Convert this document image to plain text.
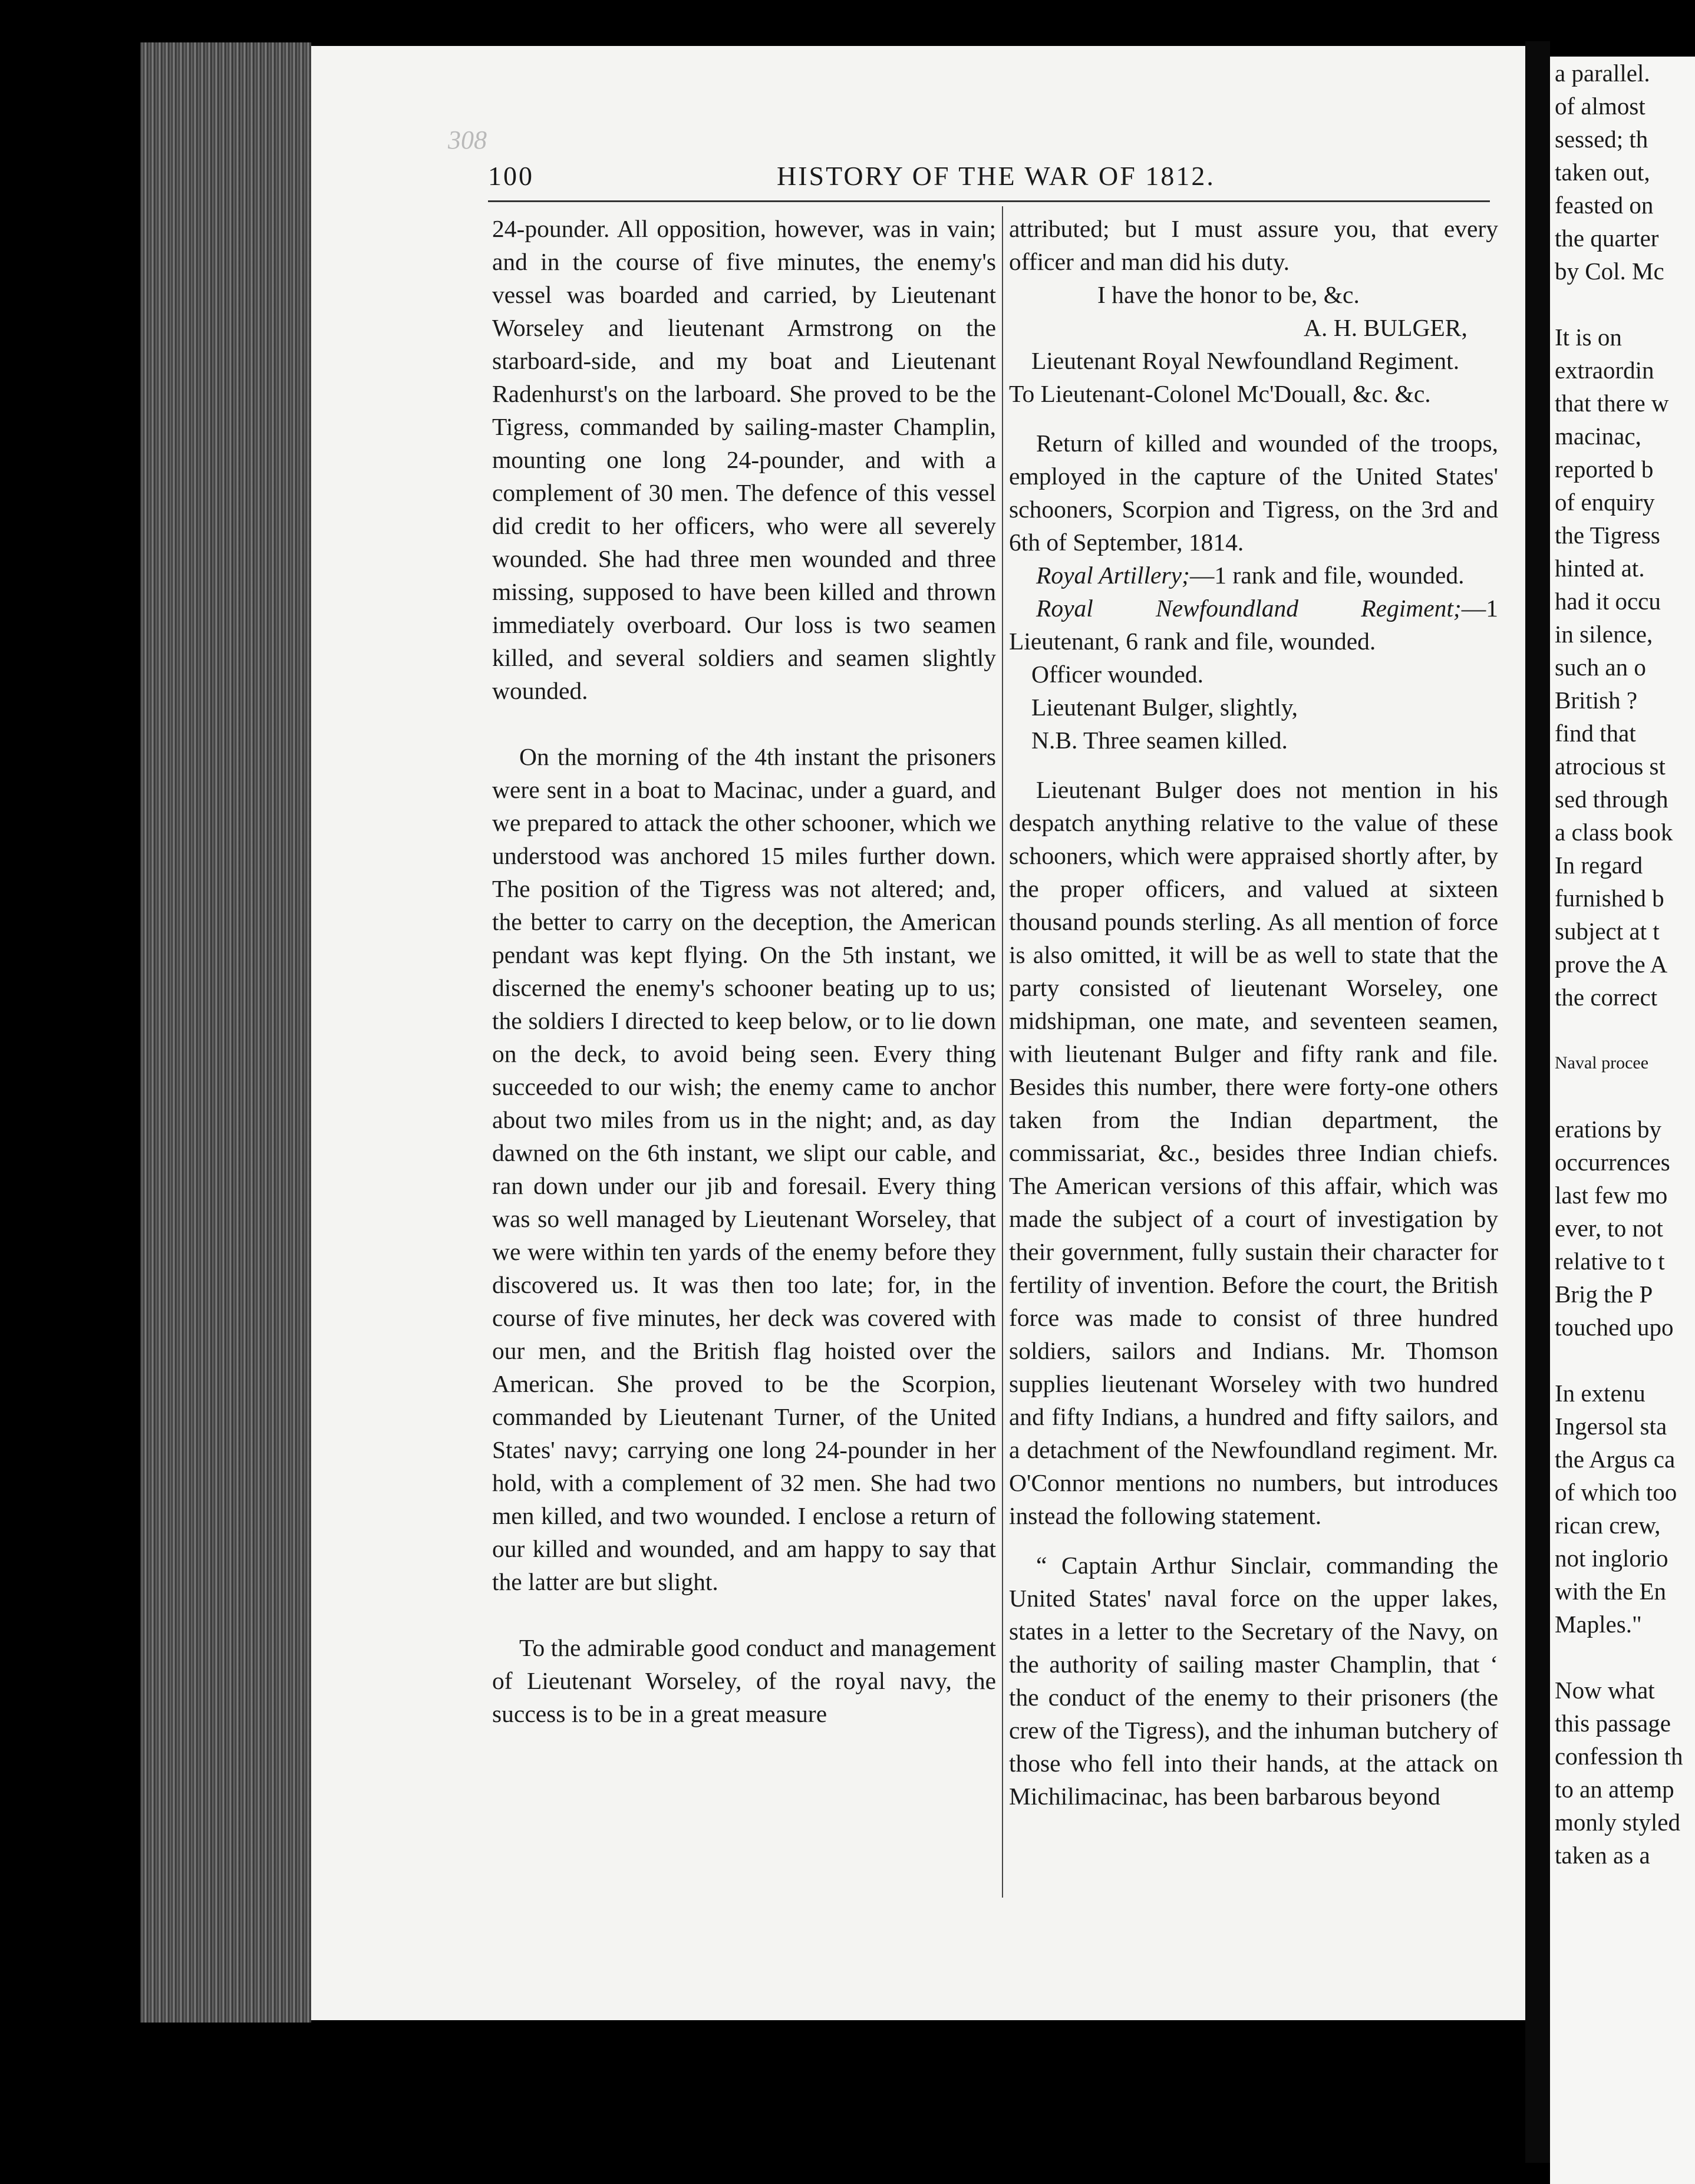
a parallel.

of almost

sessed; th

taken out,

feasted on

the quarter

by Col. Mc

It is on

extraordin

that there w

macinac,

reported b

of enquiry

the Tigress

hinted at.

had it occu

in silence,

such an o

British ?

find that

atrocious st

sed through

a class book

In regard

furnished b

subject at t

prove the A

the correct

Naval procee

erations by

occurrences

last few mo

ever, to not

relative to t

Brig the P

touched upo

In extenu

Ingersol sta

the Argus ca

of which too

rican crew,

not inglorio

with the En

Maples."

Now what

this passage

confession th

to an attemp

monly styled

taken as a

308
100	HISTORY OF THE WAR OF 1812.

24-pounder. All opposition, however, was in vain; and in the course of five minutes, the enemy's vessel was boarded and carried, by Lieutenant Worseley and lieutenant Armstrong on the starboard-side, and my boat and Lieutenant Radenhurst's on the larboard. She proved to be the Tigress, commanded by sailing-master Champlin, mounting one long 24-pounder, and with a complement of 30 men. The defence of this vessel did credit to her officers, who were all severely wounded. She had three men wounded and three missing, supposed to have been killed and thrown immediately overboard. Our loss is two seamen killed, and several soldiers and seamen slightly wounded.

On the morning of the 4th instant the prisoners were sent in a boat to Macinac, under a guard, and we prepared to attack the other schooner, which we understood was anchored 15 miles further down. The position of the Tigress was not altered; and, the better to carry on the deception, the American pendant was kept flying. On the 5th instant, we discerned the enemy's schooner beating up to us; the soldiers I directed to keep below, or to lie down on the deck, to avoid being seen. Every thing succeeded to our wish; the enemy came to anchor about two miles from us in the night; and, as day dawned on the 6th instant, we slipt our cable, and ran down under our jib and foresail. Every thing was so well managed by Lieutenant Worseley, that we were within ten yards of the enemy before they discovered us. It was then too late; for, in the course of five minutes, her deck was covered with our men, and the British flag hoisted over the American. She proved to be the Scorpion, commanded by Lieutenant Turner, of the United States' navy; carrying one long 24-pounder in her hold, with a complement of 32 men. She had two men killed, and two wounded. I enclose a return of our killed and wounded, and am happy to say that the latter are but slight.

To the admirable good conduct and management of Lieutenant Worseley, of the royal navy, the success is to be in a great measure

attributed; but I must assure you, that every officer and man did his duty.

I have the honor to be, &c.

A. H. BULGER,

Lieutenant Royal Newfoundland Regiment.

To Lieutenant-Colonel Mc'Douall, &c. &c.

Return of killed and wounded of the troops, employed in the capture of the United States' schooners, Scorpion and Tigress, on the 3rd and 6th of September, 1814.

Royal Artillery;—1 rank and file, wounded.

Royal Newfoundland Regiment;—1 Lieutenant, 6 rank and file, wounded.

Officer wounded.

Lieutenant Bulger, slightly,

N.B. Three seamen killed.

Lieutenant Bulger does not mention in his despatch anything relative to the value of these schooners, which were appraised shortly after, by the proper officers, and valued at sixteen thousand pounds sterling. As all mention of force is also omitted, it will be as well to state that the party consisted of lieutenant Worseley, one midshipman, one mate, and seventeen seamen, with lieutenant Bulger and fifty rank and file. Besides this number, there were forty-one others taken from the Indian department, the commissariat, &c., besides three Indian chiefs. The American versions of this affair, which was made the subject of a court of investigation by their government, fully sustain their character for fertility of invention. Before the court, the British force was made to consist of three hundred soldiers, sailors and Indians. Mr. Thomson supplies lieutenant Worseley with two hundred and fifty Indians, a hundred and fifty sailors, and a detachment of the Newfoundland regiment. Mr. O'Connor mentions no numbers, but introduces instead the following statement.

“ Captain Arthur Sinclair, commanding the United States' naval force on the upper lakes, states in a letter to the Secretary of the Navy, on the authority of sailing master Champlin, that ‘ the conduct of the enemy to their prisoners (the crew of the Tigress), and the inhuman butchery of those who fell into their hands, at the attack on Michilimacinac, has been barbarous beyond
